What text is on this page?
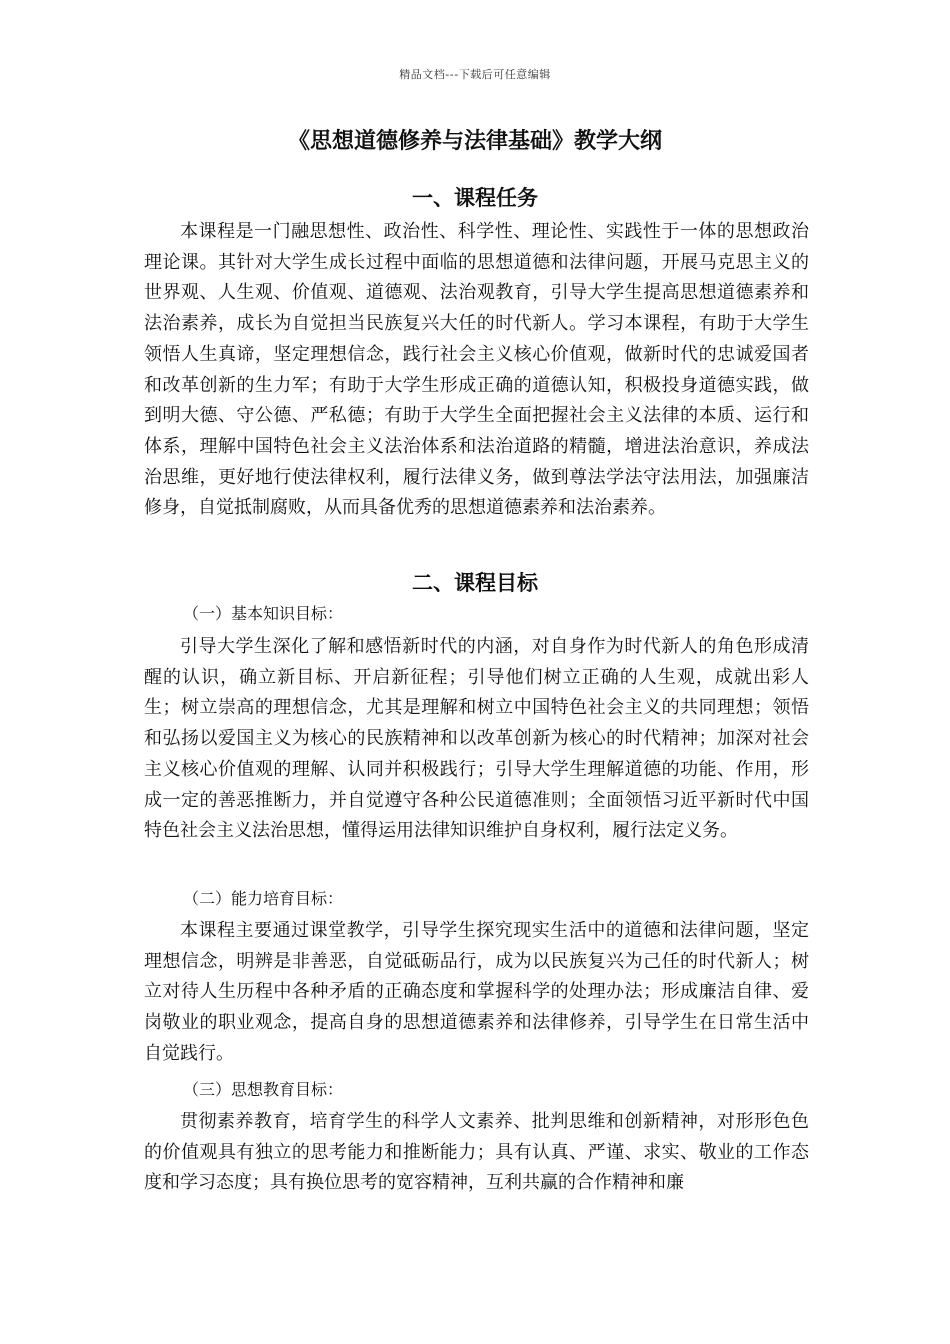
精品文档---下载后可任意编辑
《思想道德修养与法律基础》教学大纲
一、课程任务

本课程是一门融思想性、政治性、科学性、理论性、实践性于一体的思想政治理论课。其针对大学生成长过程中面临的思想道德和法律问题，开展马克思主义的世界观、人生观、价值观、道德观、法治观教育，引导大学生提高思想道德素养和法治素养，成长为自觉担当民族复兴大任的时代新人。学习本课程，有助于大学生领悟人生真谛，坚定理想信念，践行社会主义核心价值观，做新时代的忠诚爱国者和改革创新的生力军；有助于大学生形成正确的道德认知，积极投身道德实践，做到明大德、守公德、严私德；有助于大学生全面把握社会主义法律的本质、运行和体系，理解中国特色社会主义法治体系和法治道路的精髓，增进法治意识，养成法治思维，更好地行使法律权利，履行法律义务，做到尊法学法守法用法，加强廉洁修身，自觉抵制腐败，从而具备优秀的思想道德素养和法治素养。

二、课程目标
（一）基本知识目标：

引导大学生深化了解和感悟新时代的内涵，对自身作为时代新人的角色形成清醒的认识，确立新目标、开启新征程；引导他们树立正确的人生观，成就出彩人生；树立崇高的理想信念，尤其是理解和树立中国特色社会主义的共同理想；领悟和弘扬以爱国主义为核心的民族精神和以改革创新为核心的时代精神；加深对社会主义核心价值观的理解、认同并积极践行；引导大学生理解道德的功能、作用，形成一定的善恶推断力，并自觉遵守各种公民道德准则；全面领悟习近平新时代中国特色社会主义法治思想，懂得运用法律知识维护自身权利，履行法定义务。

（二）能力培育目标：

本课程主要通过课堂教学，引导学生探究现实生活中的道德和法律问题，坚定理想信念，明辨是非善恶，自觉砥砺品行，成为以民族复兴为己任的时代新人；树立对待人生历程中各种矛盾的正确态度和掌握科学的处理办法；形成廉洁自律、爱岗敬业的职业观念，提高自身的思想道德素养和法律修养，引导学生在日常生活中自觉践行。

（三）思想教育目标：

贯彻素养教育，培育学生的科学人文素养、批判思维和创新精神，对形形色色的价值观具有独立的思考能力和推断能力；具有认真、严谨、求实、敬业的工作态度和学习态度；具有换位思考的宽容精神，互利共赢的合作精神和廉
